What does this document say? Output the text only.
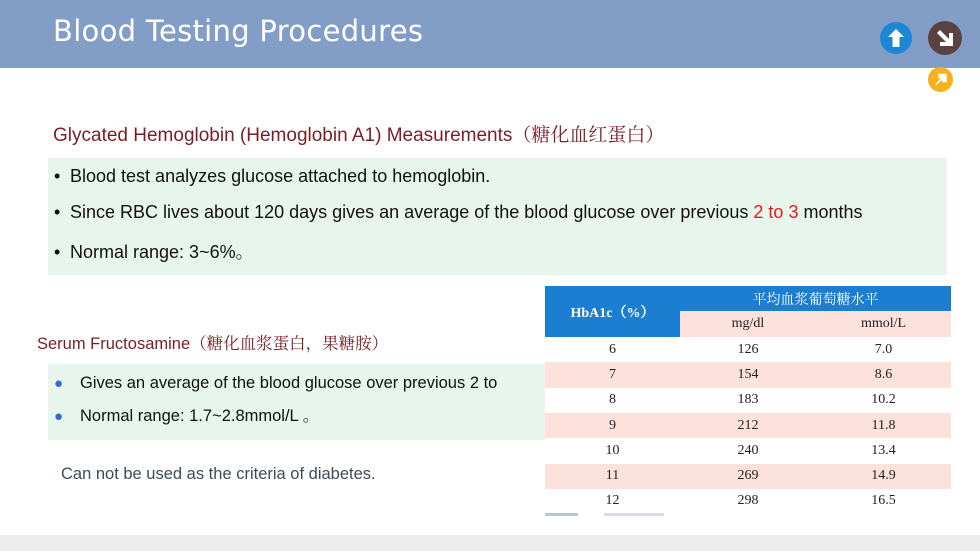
Blood Testing Procedures
Glycated Hemoglobin (Hemoglobin A1) Measurements（糖化血红蛋白）
• Blood test analyzes glucose attached to hemoglobin.
• Since RBC lives about 120 days gives an average of the blood glucose over previous 2 to 3 months
• Normal range: 3~6%。
Serum Fructosamine（糖化血浆蛋白，果糖胺）
● Gives an average of the blood glucose over previous 2 to
● Normal range: 1.7~2.8mmol/L 。
Can not be used as the criteria of diabetes.
HbA1c（%）
平均血浆葡萄糖水平
mg/dl	mmol/L
6	126	7.0
7	154	8.6
8	183	10.2
9	212	11.8
10	240	13.4
11	269	14.9
12	298	16.5
